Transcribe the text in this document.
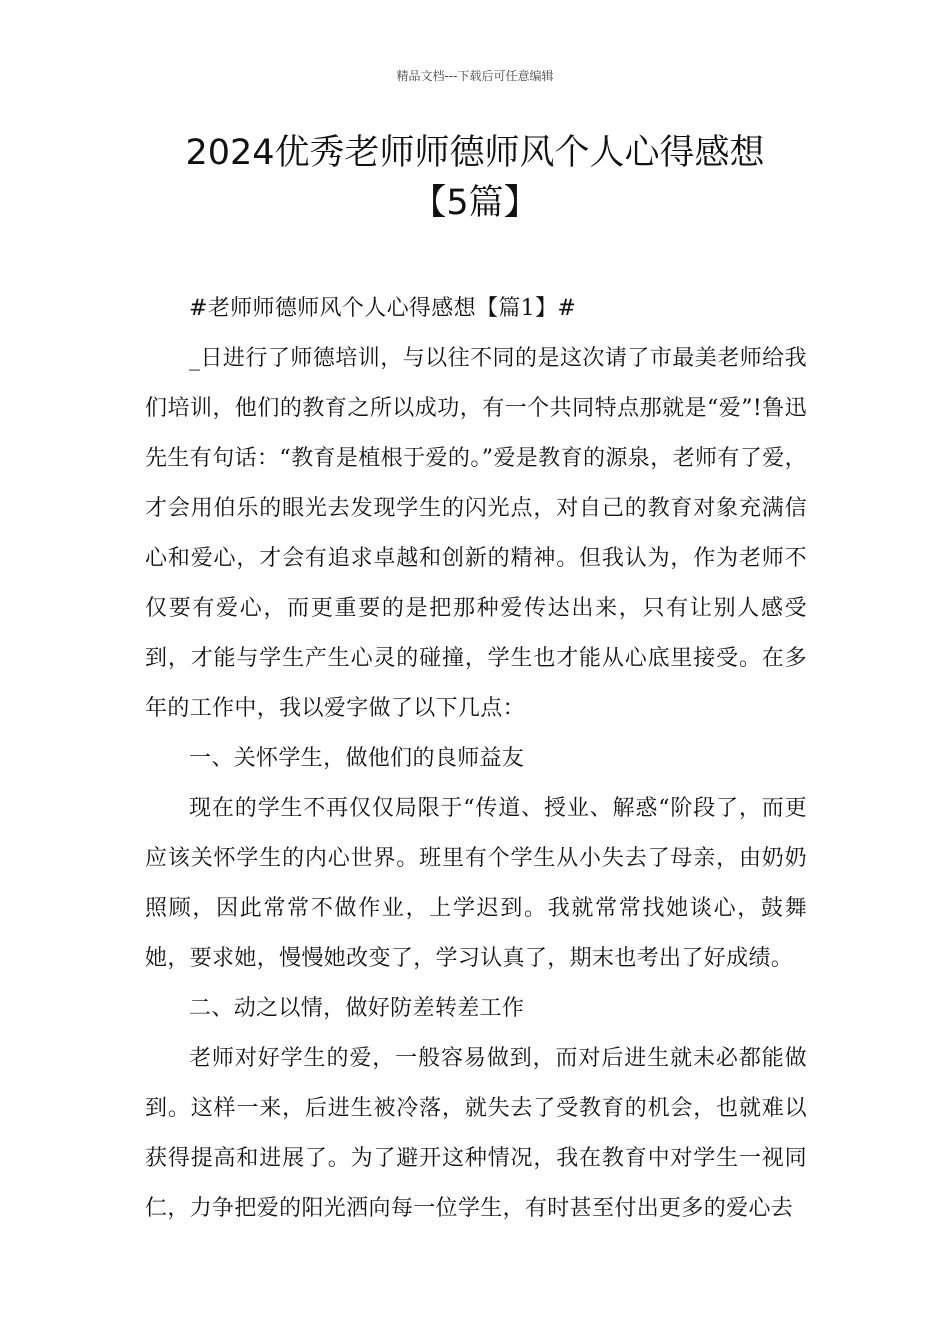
精品文档---下载后可任意编辑
2024优秀老师师德师风个人心得感想
【5篇】

#老师师德师风个人心得感想【篇1】#

_日进行了师德培训，与以往不同的是这次请了市最美老师给我们培训，他们的教育之所以成功，有一个共同特点那就是“爱”!鲁迅先生有句话：“教育是植根于爱的。”爱是教育的源泉，老师有了爱，才会用伯乐的眼光去发现学生的闪光点，对自己的教育对象充满信心和爱心，才会有追求卓越和创新的精神。但我认为，作为老师不仅要有爱心，而更重要的是把那种爱传达出来，只有让别人感受到，才能与学生产生心灵的碰撞，学生也才能从心底里接受。在多年的工作中，我以爱字做了以下几点：

一、关怀学生，做他们的良师益友

现在的学生不再仅仅局限于“传道、授业、解惑“阶段了，而更应该关怀学生的内心世界。班里有个学生从小失去了母亲，由奶奶照顾，因此常常不做作业，上学迟到。我就常常找她谈心，鼓舞她，要求她，慢慢她改变了，学习认真了，期末也考出了好成绩。

二、动之以情，做好防差转差工作

老师对好学生的爱，一般容易做到，而对后进生就未必都能做到。这样一来，后进生被冷落，就失去了受教育的机会，也就难以获得提高和进展了。为了避开这种情况，我在教育中对学生一视同仁，力争把爱的阳光洒向每一位学生，有时甚至付出更多的爱心去
